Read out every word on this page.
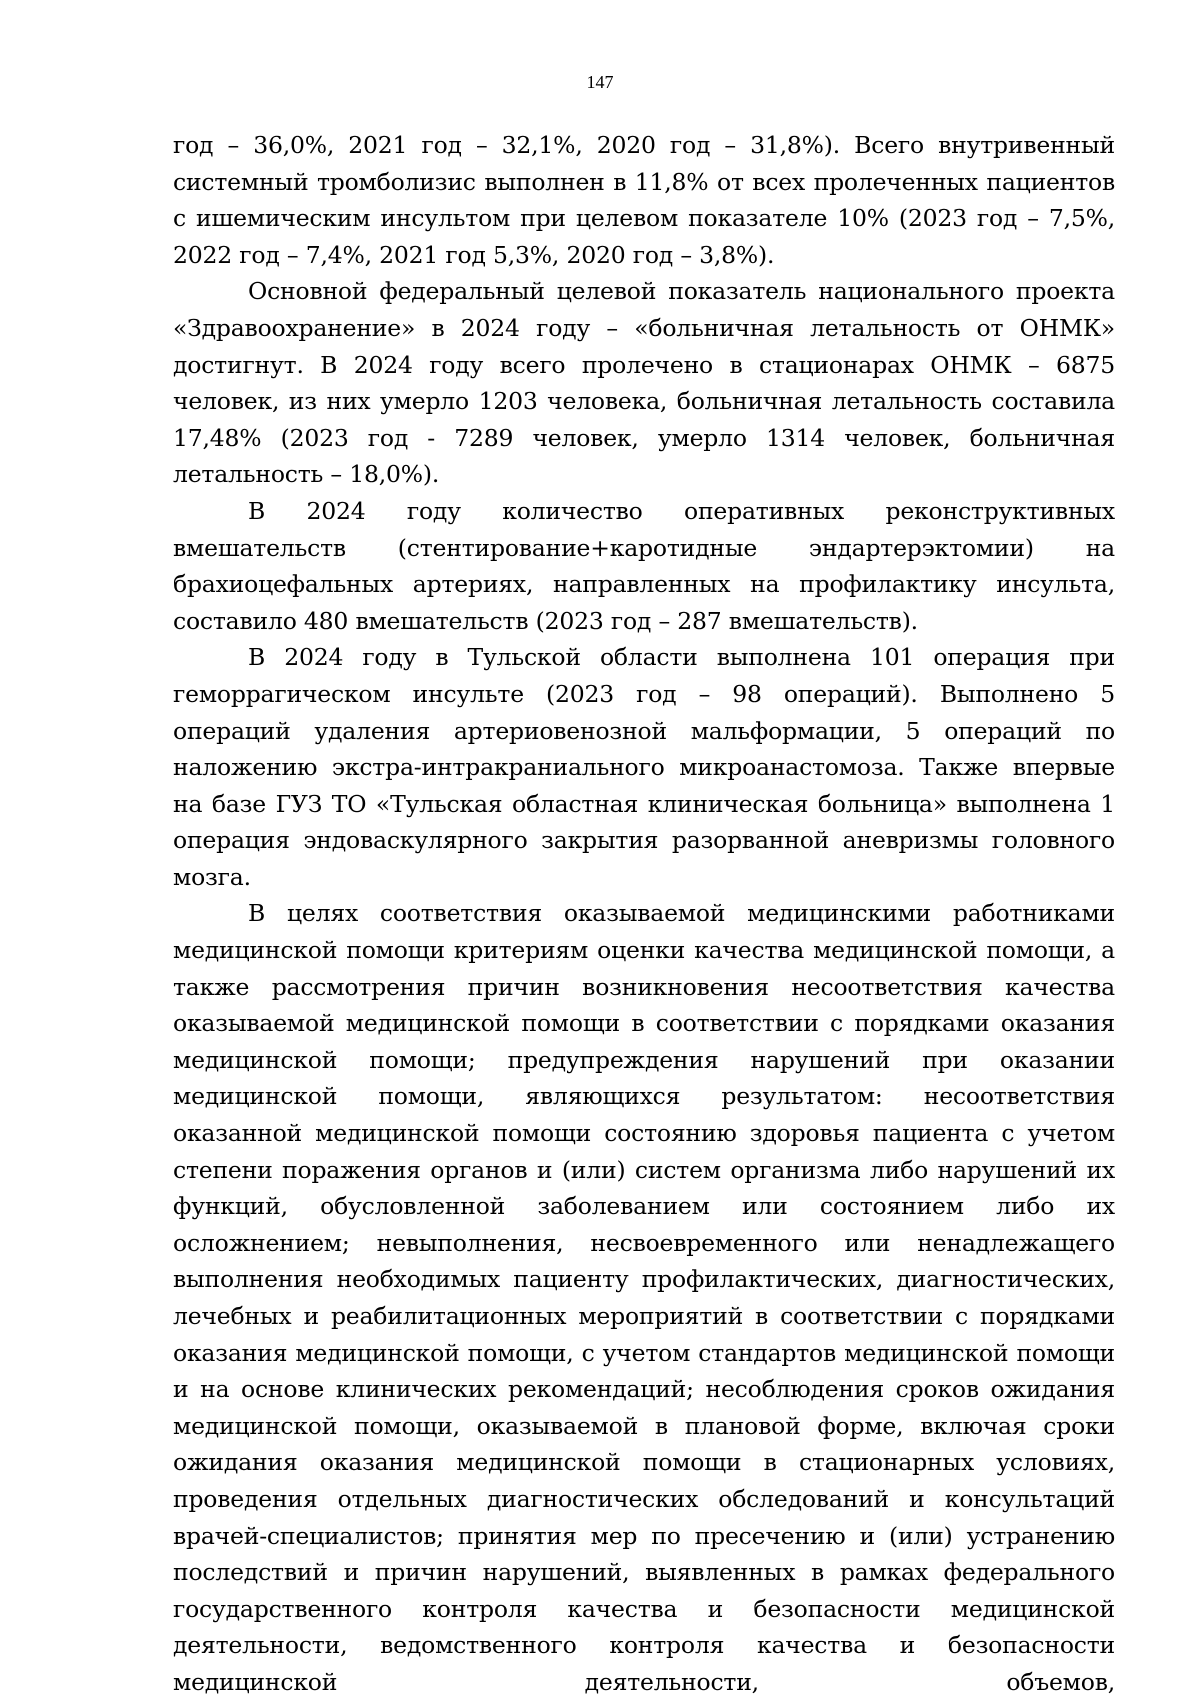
147

год – 36,0%, 2021 год – 32,1%, 2020 год – 31,8%). Всего внутривенный системный тромболизис выполнен в 11,8% от всех пролеченных пациентов с ишемическим инсультом при целевом показателе 10% (2023 год – 7,5%, 2022 год – 7,4%, 2021 год 5,3%, 2020 год – 3,8%).

Основной федеральный целевой показатель национального проекта «Здравоохранение» в 2024 году – «больничная летальность от ОНМК» достигнут. В 2024 году всего пролечено в стационарах ОНМК – 6875 человек, из них умерло 1203 человека, больничная летальность составила 17,48% (2023 год - 7289 человек, умерло 1314 человек, больничная летальность – 18,0%).

В 2024 году количество оперативных реконструктивных вмешательств (стентирование+каротидные эндартерэктомии) на брахиоцефальных артериях, направленных на профилактику инсульта, составило 480 вмешательств (2023 год – 287 вмешательств).

В 2024 году в Тульской области выполнена 101 операция при геморрагическом инсульте (2023 год – 98 операций). Выполнено 5 операций удаления артериовенозной мальформации, 5 операций по наложению экстра-интракраниального микроанастомоза. Также впервые на базе ГУЗ ТО «Тульская областная клиническая больница» выполнена 1 операция эндоваскулярного закрытия разорванной аневризмы головного мозга.

В целях соответствия оказываемой медицинскими работниками медицинской помощи критериям оценки качества медицинской помощи, а также рассмотрения причин возникновения несоответствия качества оказываемой медицинской помощи в соответствии с порядками оказания медицинской помощи; предупреждения нарушений при оказании медицинской помощи, являющихся результатом: несоответствия оказанной медицинской помощи состоянию здоровья пациента с учетом степени поражения органов и (или) систем организма либо нарушений их функций, обусловленной заболеванием или состоянием либо их осложнением; невыполнения, несвоевременного или ненадлежащего выполнения необходимых пациенту профилактических, диагностических, лечебных и реабилитационных мероприятий в соответствии с порядками оказания медицинской помощи, с учетом стандартов медицинской помощи и на основе клинических рекомендаций; несоблюдения сроков ожидания медицинской помощи, оказываемой в плановой форме, включая сроки ожидания оказания медицинской помощи в стационарных условиях, проведения отдельных диагностических обследований и консультаций врачей-специалистов; принятия мер по пресечению и (или) устранению последствий и причин нарушений, выявленных в рамках федерального государственного контроля качества и безопасности медицинской деятельности, ведомственного контроля качества и безопасности медицинской деятельности, объемов,
